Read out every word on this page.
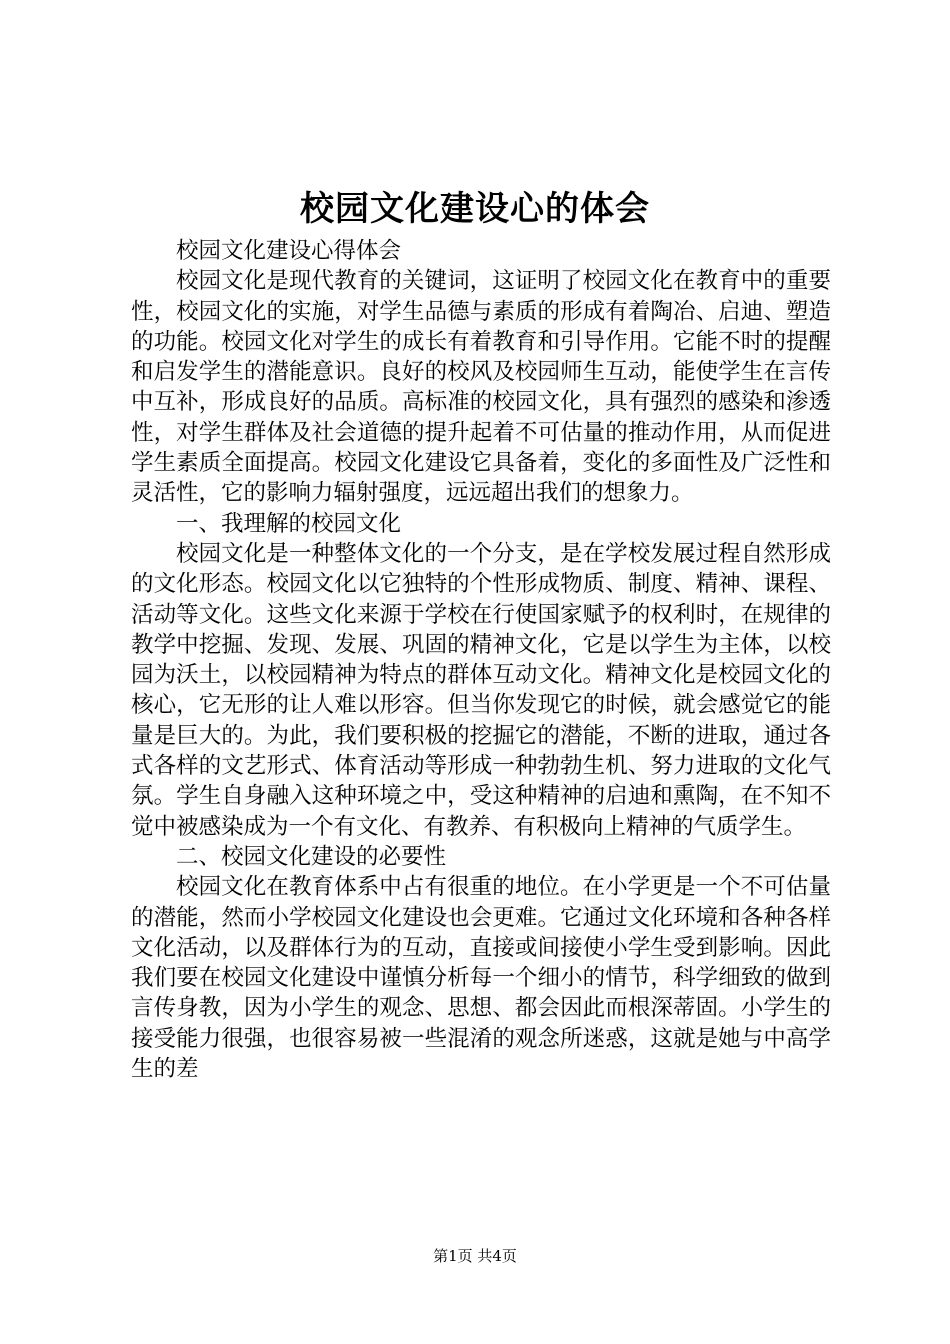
校园文化建设心的体会

校园文化建设心得体会

校园文化是现代教育的关键词，这证明了校园文化在教育中的重要性，校园文化的实施，对学生品德与素质的形成有着陶冶、启迪、塑造的功能。校园文化对学生的成长有着教育和引导作用。它能不时的提醒和启发学生的潜能意识。良好的校风及校园师生互动，能使学生在言传中互补，形成良好的品质。高标准的校园文化，具有强烈的感染和渗透性，对学生群体及社会道德的提升起着不可估量的推动作用，从而促进学生素质全面提高。校园文化建设它具备着，变化的多面性及广泛性和灵活性，它的影响力辐射强度，远远超出我们的想象力。

一、我理解的校园文化

校园文化是一种整体文化的一个分支，是在学校发展过程自然形成的文化形态。校园文化以它独特的个性形成物质、制度、精神、课程、活动等文化。这些文化来源于学校在行使国家赋予的权利时，在规律的教学中挖掘、发现、发展、巩固的精神文化，它是以学生为主体，以校园为沃土，以校园精神为特点的群体互动文化。精神文化是校园文化的核心，它无形的让人难以形容。但当你发现它的时候，就会感觉它的能量是巨大的。为此，我们要积极的挖掘它的潜能，不断的进取，通过各式各样的文艺形式、体育活动等形成一种勃勃生机、努力进取的文化气氛。学生自身融入这种环境之中，受这种精神的启迪和熏陶，在不知不觉中被感染成为一个有文化、有教养、有积极向上精神的气质学生。

二、校园文化建设的必要性

校园文化在教育体系中占有很重的地位。在小学更是一个不可估量的潜能，然而小学校园文化建设也会更难。它通过文化环境和各种各样文化活动，以及群体行为的互动，直接或间接使小学生受到影响。因此我们要在校园文化建设中谨慎分析每一个细小的情节，科学细致的做到言传身教，因为小学生的观念、思想、都会因此而根深蒂固。小学生的接受能力很强，也很容易被一些混淆的观念所迷惑，这就是她与中高学生的差

第1页 共4页
